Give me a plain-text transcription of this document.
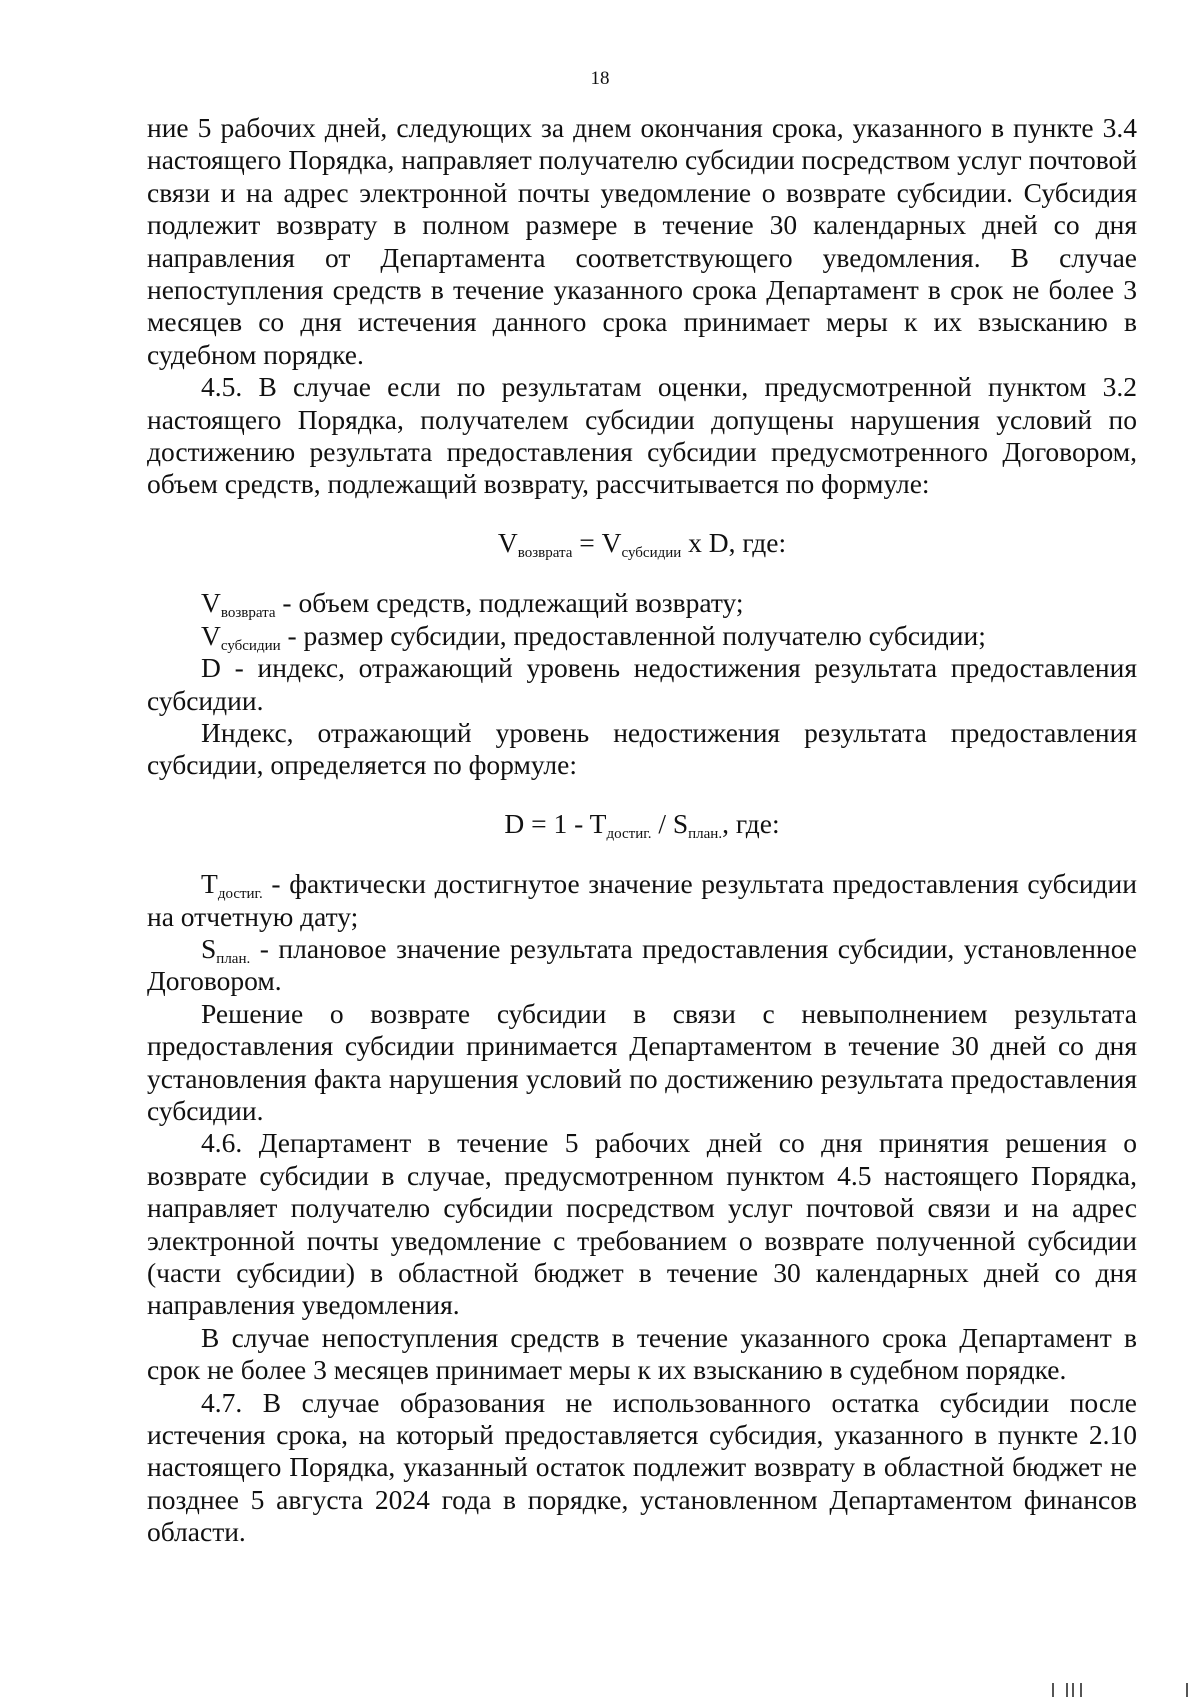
18

ние 5 рабочих дней, следующих за днем окончания срока, указанного в пункте 3.4 настоящего Порядка, направляет получателю субсидии посредством услуг почтовой связи и на адрес электронной почты уведомление о возврате субсидии. Субсидия подлежит возврату в полном размере в течение 30 календарных дней со дня направления от Департамента соответствующего уведомления. В случае непоступления средств в течение указанного срока Департамент в срок не более 3 месяцев со дня истечения данного срока принимает меры к их взысканию в судебном порядке.

4.5. В случае если по результатам оценки, предусмотренной пунктом 3.2 настоящего Порядка, получателем субсидии допущены нарушения условий по достижению результата предоставления субсидии предусмотренного Договором, объем средств, подлежащий возврату, рассчитывается по формуле:

$V_{возврата} = V_{субсидии}$ x D, где:

$V_{возврата}$ - объем средств, подлежащий возврату;

$V_{субсидии}$ - размер субсидии, предоставленной получателю субсидии;

D - индекс, отражающий уровень недостижения результата предоставления субсидии.

Индекс, отражающий уровень недостижения результата предоставления субсидии, определяется по формуле:

$D = 1 - T_{достиг.} / S_{план.}$, где:

$T_{достиг.}$ - фактически достигнутое значение результата предоставления субсидии на отчетную дату;

$S_{план.}$ - плановое значение результата предоставления субсидии, установленное Договором.

Решение о возврате субсидии в связи с невыполнением результата предоставления субсидии принимается Департаментом в течение 30 дней со дня установления факта нарушения условий по достижению результата предоставления субсидии.

4.6. Департамент в течение 5 рабочих дней со дня принятия решения о возврате субсидии в случае, предусмотренном пунктом 4.5 настоящего Порядка, направляет получателю субсидии посредством услуг почтовой связи и на адрес электронной почты уведомление с требованием о возврате полученной субсидии (части субсидии) в областной бюджет в течение 30 календарных дней со дня направления уведомления.

В случае непоступления средств в течение указанного срока Департамент в срок не более 3 месяцев принимает меры к их взысканию в судебном порядке.

4.7. В случае образования не использованного остатка субсидии после истечения срока, на который предоставляется субсидия, указанного в пункте 2.10 настоящего Порядка, указанный остаток подлежит возврату в областной бюджет не позднее 5 августа 2024 года в порядке, установленном Департаментом финансов области.
